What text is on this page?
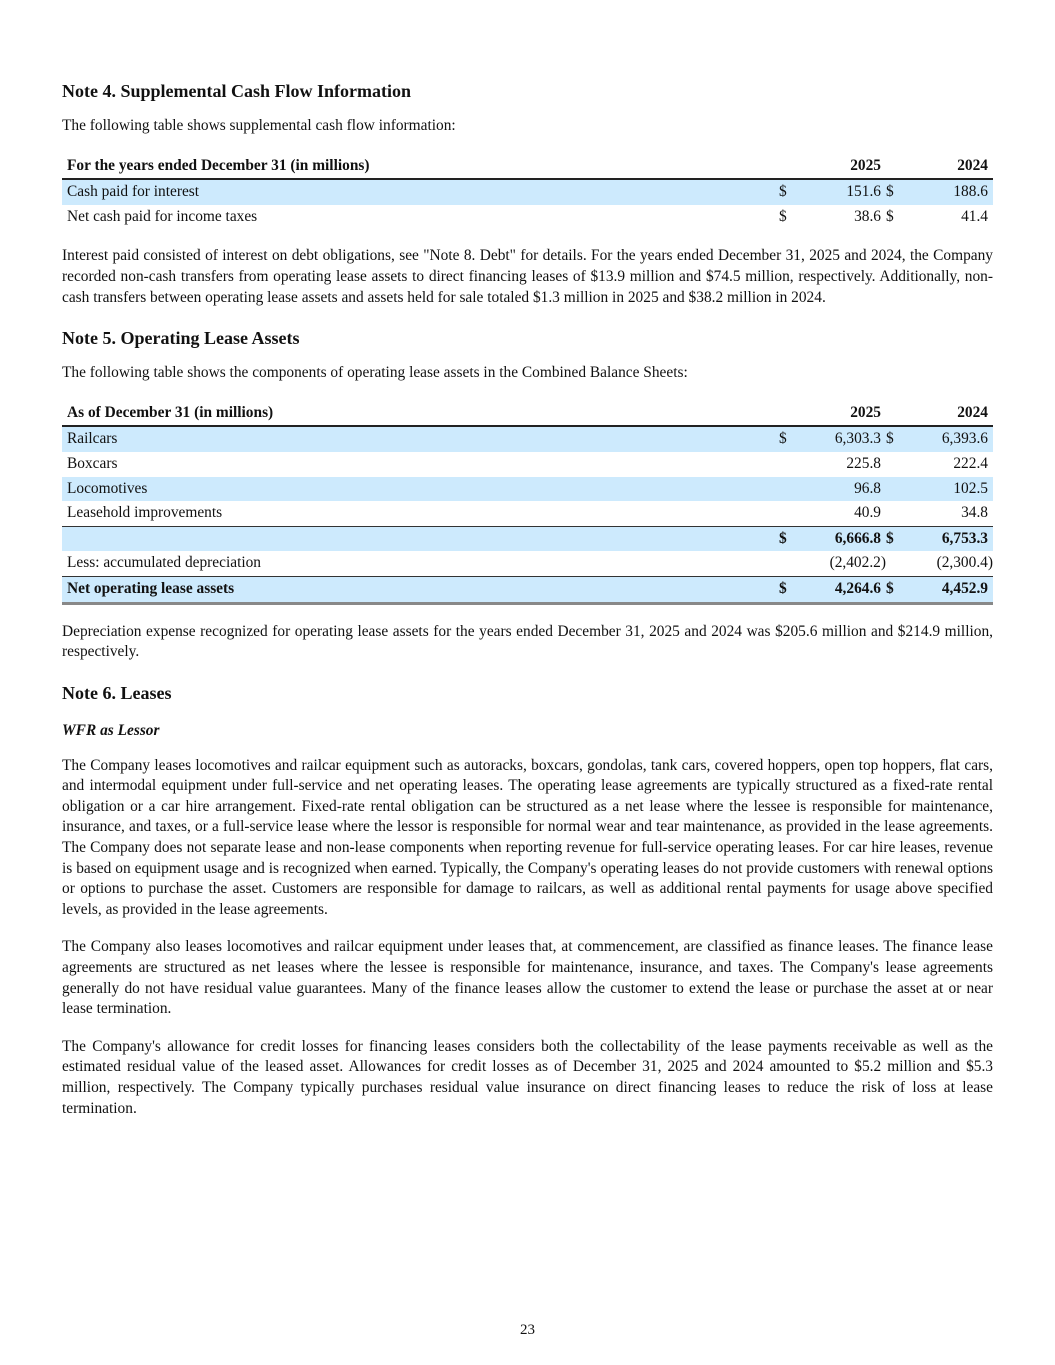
Note 4. Supplemental Cash Flow Information

The following table shows supplemental cash flow information:

For the years ended December 31 (in millions)		2025		2024
Cash paid for interest	$	151.6	$	188.6
Net cash paid for income taxes	$	38.6	$	41.4

Interest paid consisted of interest on debt obligations, see "Note 8. Debt" for details. For the years ended December 31, 2025 and 2024, the Company recorded non-cash transfers from operating lease assets to direct financing leases of $13.9 million and $74.5 million, respectively. Additionally, non-cash transfers between operating lease assets and assets held for sale totaled $1.3 million in 2025 and $38.2 million in 2024.

Note 5. Operating Lease Assets

The following table shows the components of operating lease assets in the Combined Balance Sheets:

As of December 31 (in millions)		2025		2024
Railcars	$	6,303.3	$	6,393.6
Boxcars		225.8		222.4
Locomotives		96.8		102.5
Leasehold improvements		40.9		34.8
	$	6,666.8	$	6,753.3
Less: accumulated depreciation		(2,402.2)		(2,300.4)
Net operating lease assets	$	4,264.6	$	4,452.9

Depreciation expense recognized for operating lease assets for the years ended December 31, 2025 and 2024 was $205.6 million and $214.9 million, respectively.

Note 6. Leases
WFR as Lessor

The Company leases locomotives and railcar equipment such as autoracks, boxcars, gondolas, tank cars, covered hoppers, open top hoppers, flat cars, and intermodal equipment under full-service and net operating leases. The operating lease agreements are typically structured as a fixed-rate rental obligation or a car hire arrangement. Fixed-rate rental obligation can be structured as a net lease where the lessee is responsible for maintenance, insurance, and taxes, or a full-service lease where the lessor is responsible for normal wear and tear maintenance, as provided in the lease agreements. The Company does not separate lease and non-lease components when reporting revenue for full-service operating leases. For car hire leases, revenue is based on equipment usage and is recognized when earned. Typically, the Company's operating leases do not provide customers with renewal options or options to purchase the asset. Customers are responsible for damage to railcars, as well as additional rental payments for usage above specified levels, as provided in the lease agreements.

The Company also leases locomotives and railcar equipment under leases that, at commencement, are classified as finance leases. The finance lease agreements are structured as net leases where the lessee is responsible for maintenance, insurance, and taxes. The Company's lease agreements generally do not have residual value guarantees. Many of the finance leases allow the customer to extend the lease or purchase the asset at or near lease termination.

The Company's allowance for credit losses for financing leases considers both the collectability of the lease payments receivable as well as the estimated residual value of the leased asset. Allowances for credit losses as of December 31, 2025 and 2024 amounted to $5.2 million and $5.3 million, respectively. The Company typically purchases residual value insurance on direct financing leases to reduce the risk of loss at lease termination.

23
